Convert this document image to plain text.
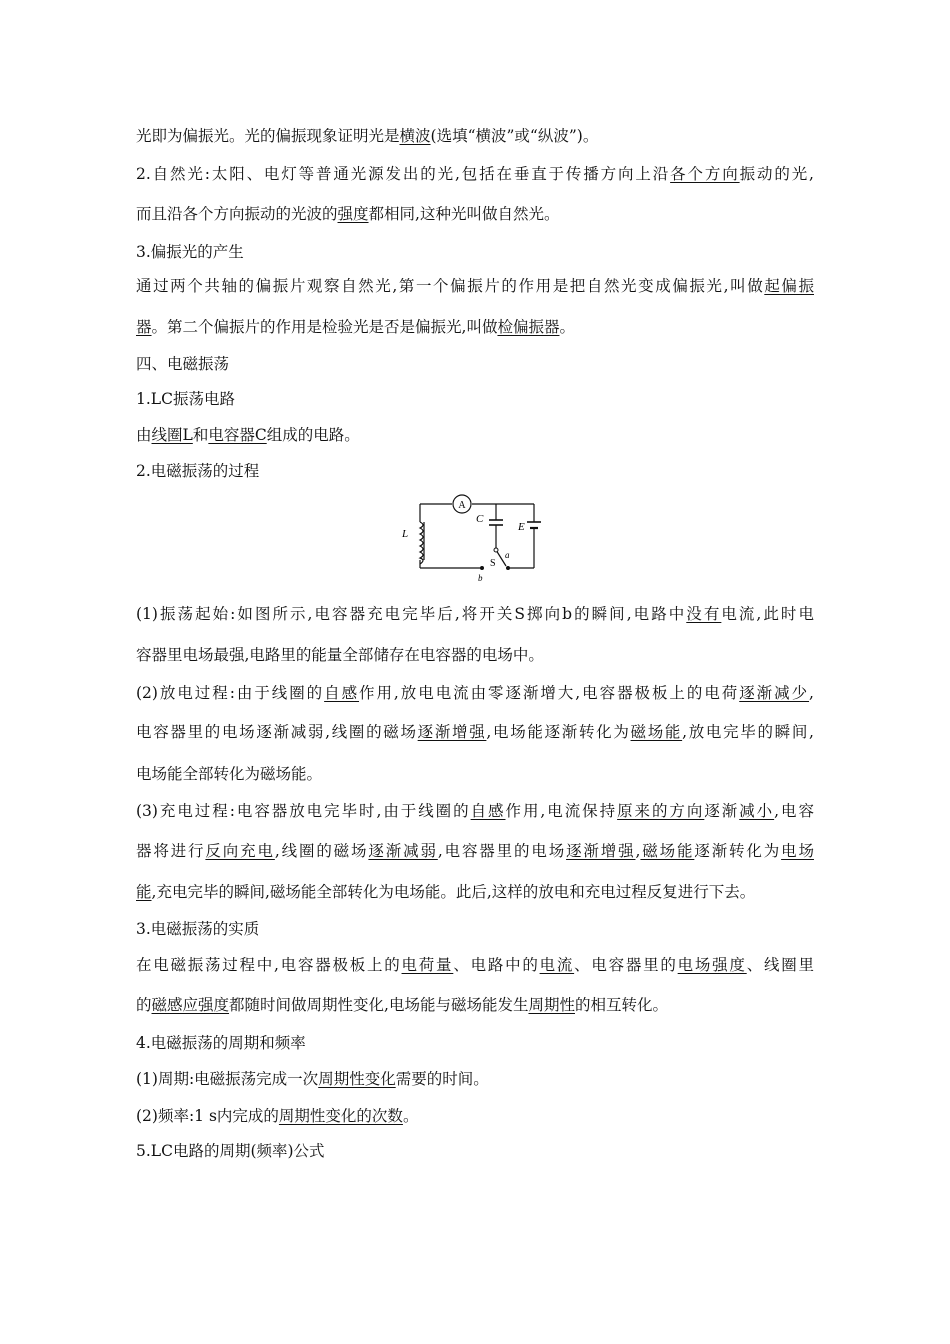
光即为偏振光。光的偏振现象证明光是横波(选填“横波”或“纵波”)。
2.自然光:太阳、电灯等普通光源发出的光,包括在垂直于传播方向上沿各个方向振动的光,
而且沿各个方向振动的光波的强度都相同,这种光叫做自然光。
3.偏振光的产生
通过两个共轴的偏振片观察自然光,第一个偏振片的作用是把自然光变成偏振光,叫做起偏振
器。第二个偏振片的作用是检验光是否是偏振光,叫做检偏振器。
四、电磁振荡
1.LC振荡电路
由线圈L和电容器C组成的电路。
2.电磁振荡的过程
(1)振荡起始:如图所示,电容器充电完毕后,将开关S掷向b的瞬间,电路中没有电流,此时电
容器里电场最强,电路里的能量全部储存在电容器的电场中。
(2)放电过程:由于线圈的自感作用,放电电流由零逐渐增大,电容器极板上的电荷逐渐减少,
电容器里的电场逐渐减弱,线圈的磁场逐渐增强,电场能逐渐转化为磁场能,放电完毕的瞬间,
电场能全部转化为磁场能。
(3)充电过程:电容器放电完毕时,由于线圈的自感作用,电流保持原来的方向逐渐减小,电容
器将进行反向充电,线圈的磁场逐渐减弱,电容器里的电场逐渐增强,磁场能逐渐转化为电场
能,充电完毕的瞬间,磁场能全部转化为电场能。此后,这样的放电和充电过程反复进行下去。
3.电磁振荡的实质
在电磁振荡过程中,电容器极板上的电荷量、电路中的电流、电容器里的电场强度、线圈里
的磁感应强度都随时间做周期性变化,电场能与磁场能发生周期性的相互转化。
4.电磁振荡的周期和频率
(1)周期:电磁振荡完成一次周期性变化需要的时间。
(2)频率:1 s内完成的周期性变化的次数。
5.LC电路的周期(频率)公式
A
L
C
E
S
a
b
